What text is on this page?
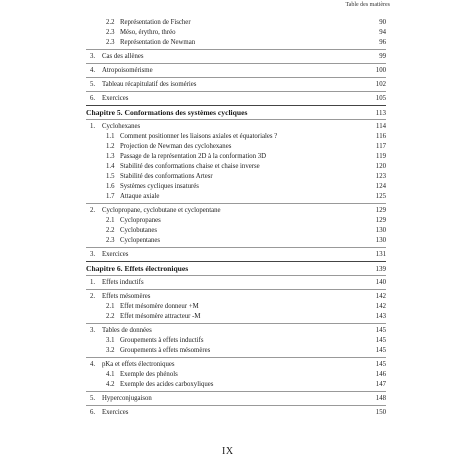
Table des matières
2.2 Représentation de Fischer	90
2.3 Méso, érythro, thréo	94
2.3 Représentation de Newman	96
3. Cas des allènes	99
4. Atropoisomérisme	100
5. Tableau récapitulatif des isoméries	102
6. Exercices	105
Chapitre 5. Conformations des systèmes cycliques	113
1. Cyclohexanes	114
1.1 Comment positionner les liaisons axiales et équatoriales ?	116
1.2 Projection de Newman des cyclohexanes	117
1.3 Passage de la représentation 2D à la conformation 3D	119
1.4 Stabilité des conformations chaise et chaise inverse	120
1.5 Stabilité des conformations Artesr	123
1.6 Systèmes cycliques insaturés	124
1.7 Attaque axiale	125
2. Cyclopropane, cyclobutane et cyclopentane	129
2.1 Cyclopropanes	129
2.2 Cyclobutanes	130
2.3 Cyclopentanes	130
3. Exercices	131
Chapitre 6. Effets électroniques	139
1. Effets inductifs	140
2. Effets mésomères	142
2.1 Effet mésomère donneur +M	142
2.2 Effet mésomère attracteur -M	143
3. Tables de données	145
3.1 Groupements à effets inductifs	145
3.2 Groupements à effets mésomères	145
4. pKa et effets électroniques	145
4.1 Exemple des phénols	146
4.2 Exemple des acides carboxyliques	147
5. Hyperconjugaison	148
6. Exercices	150
IX
